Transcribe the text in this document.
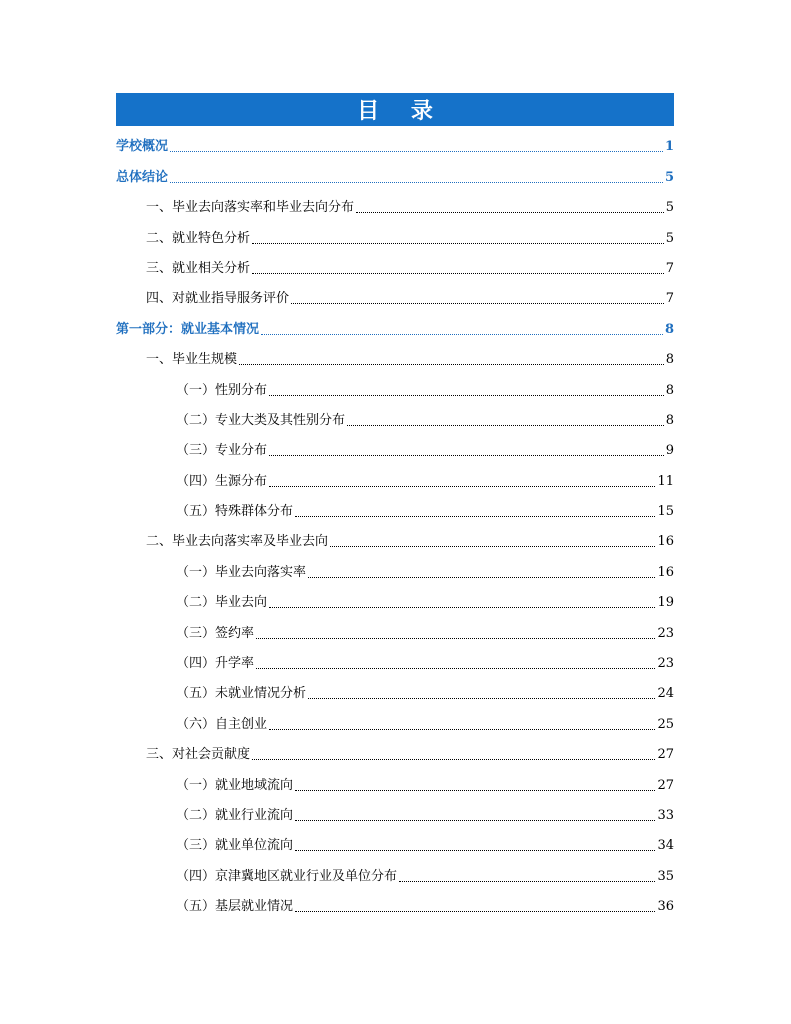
目 录
学校概况	1
总体结论	5
一、毕业去向落实率和毕业去向分布	5
二、就业特色分析	5
三、就业相关分析	7
四、对就业指导服务评价	7
第一部分：就业基本情况	8
一、毕业生规模	8
（一）性别分布	8
（二）专业大类及其性别分布	8
（三）专业分布	9
（四）生源分布	11
（五）特殊群体分布	15
二、毕业去向落实率及毕业去向	16
（一）毕业去向落实率	16
（二）毕业去向	19
（三）签约率	23
（四）升学率	23
（五）未就业情况分析	24
（六）自主创业	25
三、对社会贡献度	27
（一）就业地域流向	27
（二）就业行业流向	33
（三）就业单位流向	34
（四）京津冀地区就业行业及单位分布	35
（五）基层就业情况	36
